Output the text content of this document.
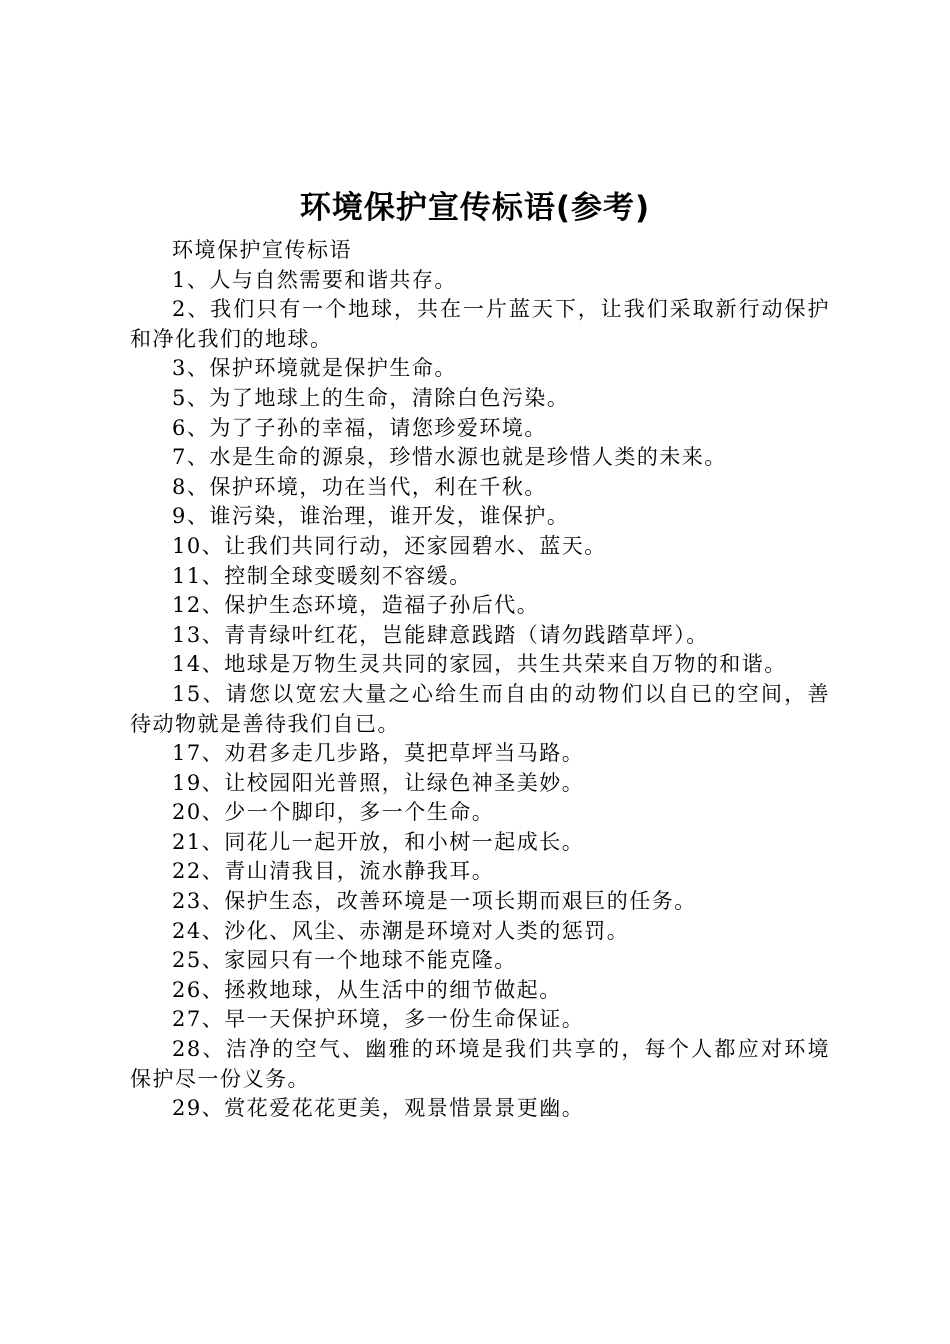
环境保护宣传标语(参考)

环境保护宣传标语

1、人与自然需要和谐共存。

2、我们只有一个地球，共在一片蓝天下，让我们采取新行动保护和净化我们的地球。

3、保护环境就是保护生命。

5、为了地球上的生命，清除白色污染。

6、为了子孙的幸福，请您珍爱环境。

7、水是生命的源泉，珍惜水源也就是珍惜人类的未来。

8、保护环境，功在当代，利在千秋。

9、谁污染，谁治理，谁开发，谁保护。

10、让我们共同行动，还家园碧水、蓝天。

11、控制全球变暖刻不容缓。

12、保护生态环境，造福子孙后代。

13、青青绿叶红花，岂能肆意践踏（请勿践踏草坪）。

14、地球是万物生灵共同的家园，共生共荣来自万物的和谐。

15、请您以宽宏大量之心给生而自由的动物们以自已的空间，善待动物就是善待我们自已。

17、劝君多走几步路，莫把草坪当马路。

19、让校园阳光普照，让绿色神圣美妙。

20、少一个脚印，多一个生命。

21、同花儿一起开放，和小树一起成长。

22、青山清我目，流水静我耳。

23、保护生态，改善环境是一项长期而艰巨的任务。

24、沙化、风尘、赤潮是环境对人类的惩罚。

25、家园只有一个地球不能克隆。

26、拯救地球，从生活中的细节做起。

27、早一天保护环境，多一份生命保证。

28、洁净的空气、幽雅的环境是我们共享的，每个人都应对环境保护尽一份义务。

29、赏花爱花花更美，观景惜景景更幽。
